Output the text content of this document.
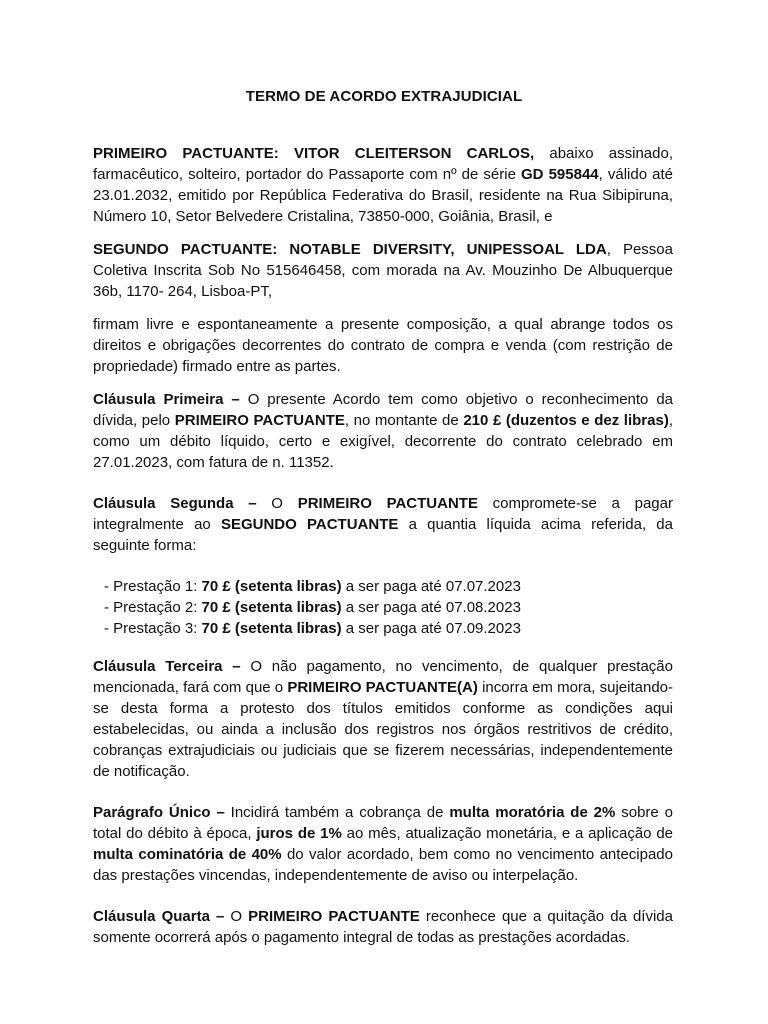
TERMO DE ACORDO EXTRAJUDICIAL

PRIMEIRO PACTUANTE: VITOR CLEITERSON CARLOS, abaixo assinado, farmacêutico, solteiro, portador do Passaporte com nº de série GD 595844, válido até 23.01.2032, emitido por República Federativa do Brasil, residente na Rua Sibipiruna, Número 10, Setor Belvedere Cristalina, 73850-000, Goiânia, Brasil, e

SEGUNDO PACTUANTE: NOTABLE DIVERSITY, UNIPESSOAL LDA, Pessoa Coletiva Inscrita Sob No 515646458, com morada na Av. Mouzinho De Albuquerque 36b, 1170- 264, Lisboa-PT,

firmam livre e espontaneamente a presente composição, a qual abrange todos os direitos e obrigações decorrentes do contrato de compra e venda (com restrição de propriedade) firmado entre as partes.

Cláusula Primeira – O presente Acordo tem como objetivo o reconhecimento da dívida, pelo PRIMEIRO PACTUANTE, no montante de 210 £ (duzentos e dez libras), como um débito líquido, certo e exigível, decorrente do contrato celebrado em 27.01.2023, com fatura de n. 11352.

Cláusula Segunda – O PRIMEIRO PACTUANTE compromete-se a pagar integralmente ao SEGUNDO PACTUANTE a quantia líquida acima referida, da seguinte forma:

- Prestação 1: 70 £ (setenta libras) a ser paga até 07.07.2023
- Prestação 2: 70 £ (setenta libras) a ser paga até 07.08.2023
- Prestação 3: 70 £ (setenta libras) a ser paga até 07.09.2023

Cláusula Terceira – O não pagamento, no vencimento, de qualquer prestação mencionada, fará com que o PRIMEIRO PACTUANTE(A) incorra em mora, sujeitando-se desta forma a protesto dos títulos emitidos conforme as condições aqui estabelecidas, ou ainda a inclusão dos registros nos órgãos restritivos de crédito, cobranças extrajudiciais ou judiciais que se fizerem necessárias, independentemente de notificação.

Parágrafo Único – Incidirá também a cobrança de multa moratória de 2% sobre o total do débito à época, juros de 1% ao mês, atualização monetária, e a aplicação de multa cominatória de 40% do valor acordado, bem como no vencimento antecipado das prestações vincendas, independentemente de aviso ou interpelação.

Cláusula Quarta – O PRIMEIRO PACTUANTE reconhece que a quitação da dívida somente ocorrerá após o pagamento integral de todas as prestações acordadas.
